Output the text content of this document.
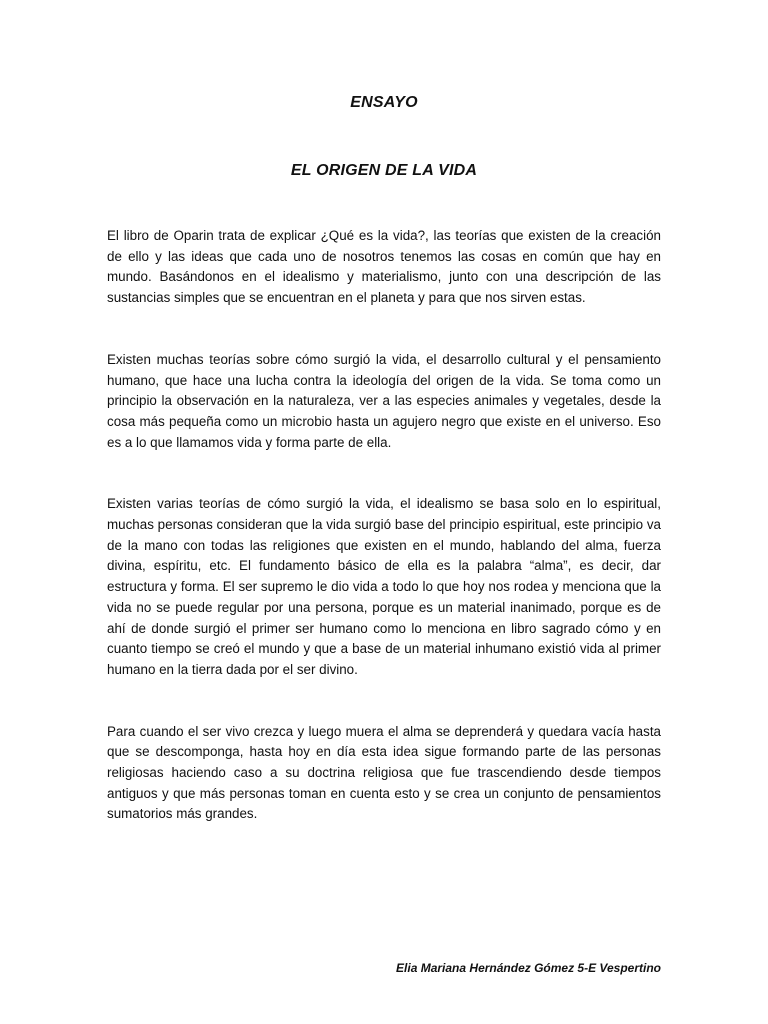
ENSAYO
EL ORIGEN DE LA VIDA

El libro de Oparin trata de explicar ¿Qué es la vida?, las teorías que existen de la creación de ello y las ideas que cada uno de nosotros tenemos las cosas en común que hay en mundo. Basándonos en el idealismo y materialismo, junto con una descripción de las sustancias simples que se encuentran en el planeta y para que nos sirven estas.

Existen muchas teorías sobre cómo surgió la vida, el desarrollo cultural y el pensamiento humano, que hace una lucha contra la ideología del origen de la vida. Se toma como un principio la observación en la naturaleza, ver a las especies animales y vegetales, desde la cosa más pequeña como un microbio hasta un agujero negro que existe en el universo. Eso es a lo que llamamos vida y forma parte de ella.

Existen varias teorías de cómo surgió la vida, el idealismo se basa solo en lo espiritual, muchas personas consideran que la vida surgió base del principio espiritual, este principio va de la mano con todas las religiones que existen en el mundo, hablando del alma, fuerza divina, espíritu, etc. El fundamento básico de ella es la palabra “alma”, es decir, dar estructura y forma. El ser supremo le dio vida a todo lo que hoy nos rodea y menciona que la vida no se puede regular por una persona, porque es un material inanimado, porque es de ahí de donde surgió el primer ser humano como lo menciona en libro sagrado cómo y en cuanto tiempo se creó el mundo y que a base de un material inhumano existió vida al primer humano en la tierra dada por el ser divino.

Para cuando el ser vivo crezca y luego muera el alma se deprenderá y quedara vacía hasta que se descomponga, hasta hoy en día esta idea sigue formando parte de las personas religiosas haciendo caso a su doctrina religiosa que fue trascendiendo desde tiempos antiguos y que más personas toman en cuenta esto y se crea un conjunto de pensamientos sumatorios más grandes.

Elia Mariana Hernández Gómez 5-E Vespertino
